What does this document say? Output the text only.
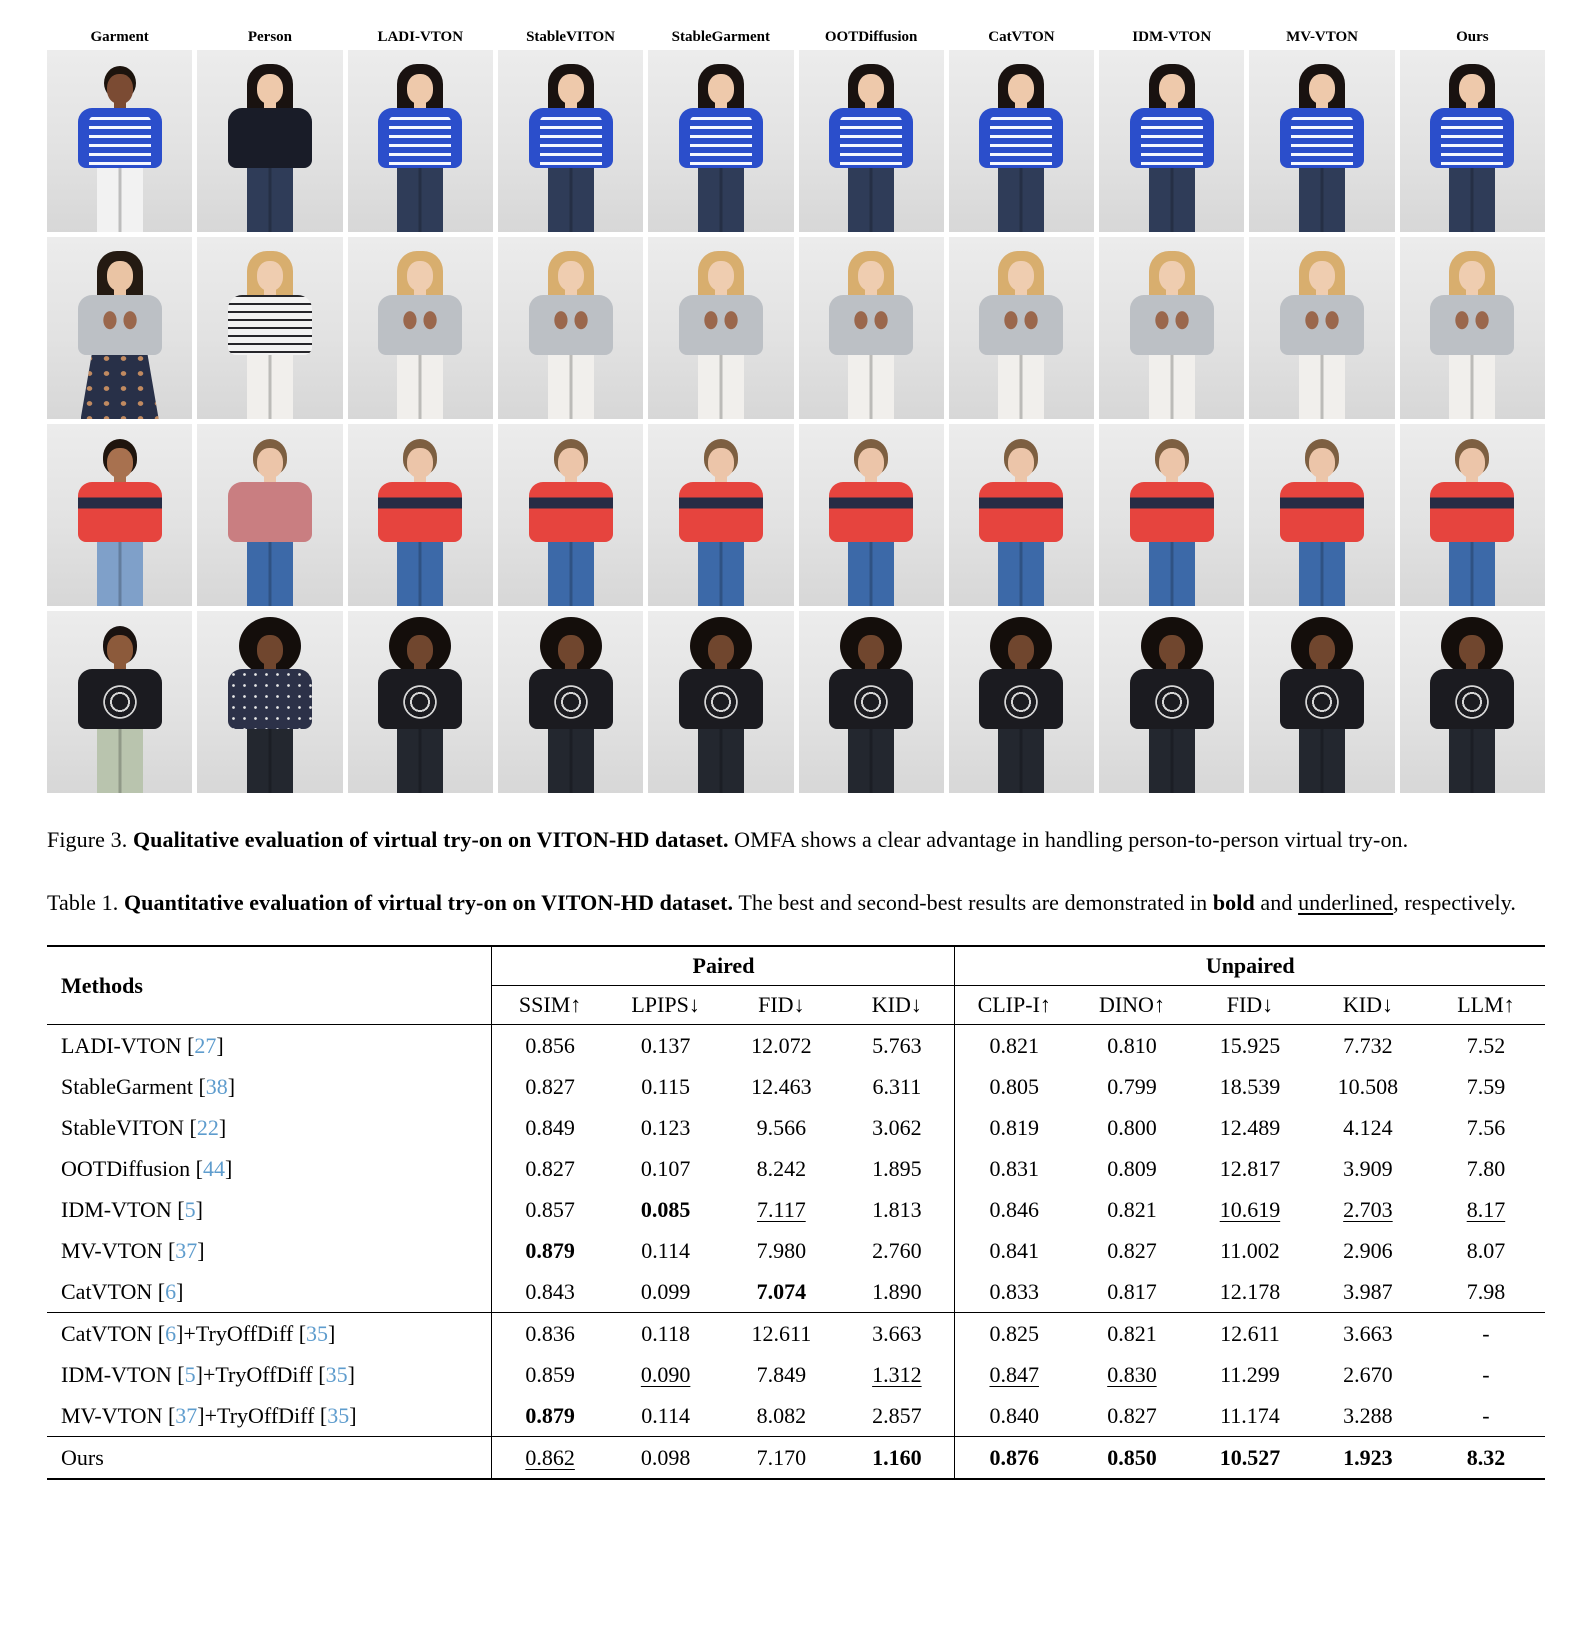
Garment	Person	LADI-VTON	StableVITON	StableGarment	OOTDiffusion	CatVTON	IDM-VTON	MV-VTON	Ours
Figure 3. Qualitative evaluation of virtual try-on on VITON-HD dataset. OMFA shows a clear advantage in handling person-to-person virtual try-on.
Table 1. Quantitative evaluation of virtual try-on on VITON-HD dataset. The best and second-best results are demonstrated in bold and underlined, respectively.
Methods	Paired				Unpaired				
	SSIM↑	LPIPS↓	FID↓	KID↓	CLIP-I↑	DINO↑	FID↓	KID↓	LLM↑
LADI-VTON [27]	0.856	0.137	12.072	5.763	0.821	0.810	15.925	7.732	7.52
StableGarment [38]	0.827	0.115	12.463	6.311	0.805	0.799	18.539	10.508	7.59
StableVITON [22]	0.849	0.123	9.566	3.062	0.819	0.800	12.489	4.124	7.56
OOTDiffusion [44]	0.827	0.107	8.242	1.895	0.831	0.809	12.817	3.909	7.80
IDM-VTON [5]	0.857	0.085	7.117	1.813	0.846	0.821	10.619	2.703	8.17
MV-VTON [37]	0.879	0.114	7.980	2.760	0.841	0.827	11.002	2.906	8.07
CatVTON [6]	0.843	0.099	7.074	1.890	0.833	0.817	12.178	3.987	7.98
CatVTON [6]+TryOffDiff [35]	0.836	0.118	12.611	3.663	0.825	0.821	12.611	3.663	-
IDM-VTON [5]+TryOffDiff [35]	0.859	0.090	7.849	1.312	0.847	0.830	11.299	2.670	-
MV-VTON [37]+TryOffDiff [35]	0.879	0.114	8.082	2.857	0.840	0.827	11.174	3.288	-
Ours	0.862	0.098	7.170	1.160	0.876	0.850	10.527	1.923	8.32
